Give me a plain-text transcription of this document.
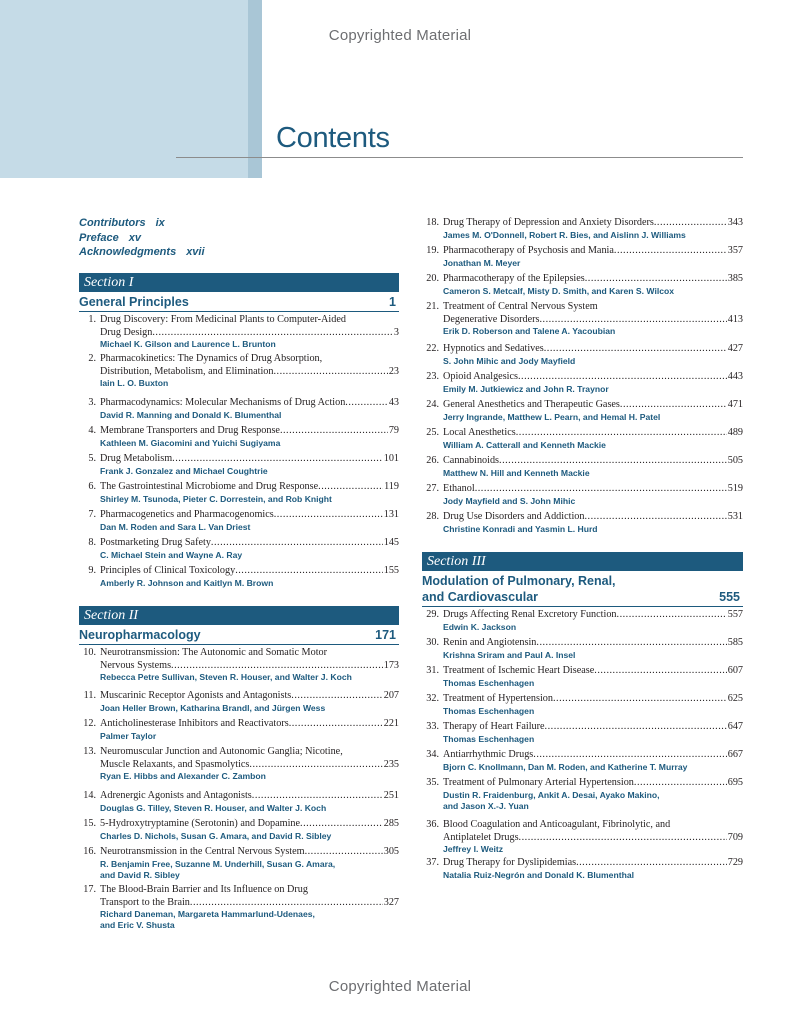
Copyrighted Material
Contents
Contributors ix
Preface xv
Acknowledgments xvii
Section I
General Principles	1
Section II
Neuropharmacology	171
1. Drug Discovery: From Medicinal Plants to Computer-Aided
Drug Design .....	3
Michael K. Gilson and Laurence L. Brunton
2. Pharmacokinetics: The Dynamics of Drug Absorption,
Distribution, Metabolism, and Elimination .....	23
Iain L. O. Buxton
3. Pharmacodynamics: Molecular Mechanisms of Drug Action .....	43
David R. Manning and Donald K. Blumenthal
4. Membrane Transporters and Drug Response .....	79
Kathleen M. Giacomini and Yuichi Sugiyama
5. Drug Metabolism .....	101
Frank J. Gonzalez and Michael Coughtrie
6. The Gastrointestinal Microbiome and Drug Response .....	119
Shirley M. Tsunoda, Pieter C. Dorrestein, and Rob Knight
7. Pharmacogenetics and Pharmacogenomics .....	131
Dan M. Roden and Sara L. Van Driest
8. Postmarketing Drug Safety .....	145
C. Michael Stein and Wayne A. Ray
9. Principles of Clinical Toxicology .....	155
Amberly R. Johnson and Kaitlyn M. Brown
10. Neurotransmission: The Autonomic and Somatic Motor
Nervous Systems .....	173
Rebecca Petre Sullivan, Steven R. Houser, and Walter J. Koch
11. Muscarinic Receptor Agonists and Antagonists .....	207
Joan Heller Brown, Katharina Brandl, and Jürgen Wess
12. Anticholinesterase Inhibitors and Reactivators .....	221
Palmer Taylor
13. Neuromuscular Junction and Autonomic Ganglia; Nicotine,
Muscle Relaxants, and Spasmolytics .....	235
Ryan E. Hibbs and Alexander C. Zambon
14. Adrenergic Agonists and Antagonists .....	251
Douglas G. Tilley, Steven R. Houser, and Walter J. Koch
15. 5-Hydroxytryptamine (Serotonin) and Dopamine .....	285
Charles D. Nichols, Susan G. Amara, and David R. Sibley
16. Neurotransmission in the Central Nervous System .....	305
R. Benjamin Free, Suzanne M. Underhill, Susan G. Amara,
and David R. Sibley
17. The Blood-Brain Barrier and Its Influence on Drug
Transport to the Brain .....	327
Richard Daneman, Margareta Hammarlund-Udenaes,
and Eric V. Shusta
Section III
Modulation of Pulmonary, Renal,
and Cardiovascular	555
18. Drug Therapy of Depression and Anxiety Disorders .....	343
James M. O'Donnell, Robert R. Bies, and Aislinn J. Williams
19. Pharmacotherapy of Psychosis and Mania .....	357
Jonathan M. Meyer
20. Pharmacotherapy of the Epilepsies .....	385
Cameron S. Metcalf, Misty D. Smith, and Karen S. Wilcox
21. Treatment of Central Nervous System
Degenerative Disorders .....	413
Erik D. Roberson and Talene A. Yacoubian
22. Hypnotics and Sedatives .....	427
S. John Mihic and Jody Mayfield
23. Opioid Analgesics .....	443
Emily M. Jutkiewicz and John R. Traynor
24. General Anesthetics and Therapeutic Gases .....	471
Jerry Ingrande, Matthew L. Pearn, and Hemal H. Patel
25. Local Anesthetics .....	489
William A. Catterall and Kenneth Mackie
26. Cannabinoids .....	505
Matthew N. Hill and Kenneth Mackie
27. Ethanol .....	519
Jody Mayfield and S. John Mihic
28. Drug Use Disorders and Addiction .....	531
Christine Konradi and Yasmin L. Hurd
29. Drugs Affecting Renal Excretory Function .....	557
Edwin K. Jackson
30. Renin and Angiotensin .....	585
Krishna Sriram and Paul A. Insel
31. Treatment of Ischemic Heart Disease .....	607
Thomas Eschenhagen
32. Treatment of Hypertension .....	625
Thomas Eschenhagen
33. Therapy of Heart Failure .....	647
Thomas Eschenhagen
34. Antiarrhythmic Drugs .....	667
Bjorn C. Knollmann, Dan M. Roden, and Katherine T. Murray
35. Treatment of Pulmonary Arterial Hypertension .....	695
Dustin R. Fraidenburg, Ankit A. Desai, Ayako Makino,
and Jason X.-J. Yuan
36. Blood Coagulation and Anticoagulant, Fibrinolytic, and
Antiplatelet Drugs .....	709
Jeffrey I. Weitz
37. Drug Therapy for Dyslipidemias .....	729
Natalia Ruiz-Negrón and Donald K. Blumenthal
Copyrighted Material
